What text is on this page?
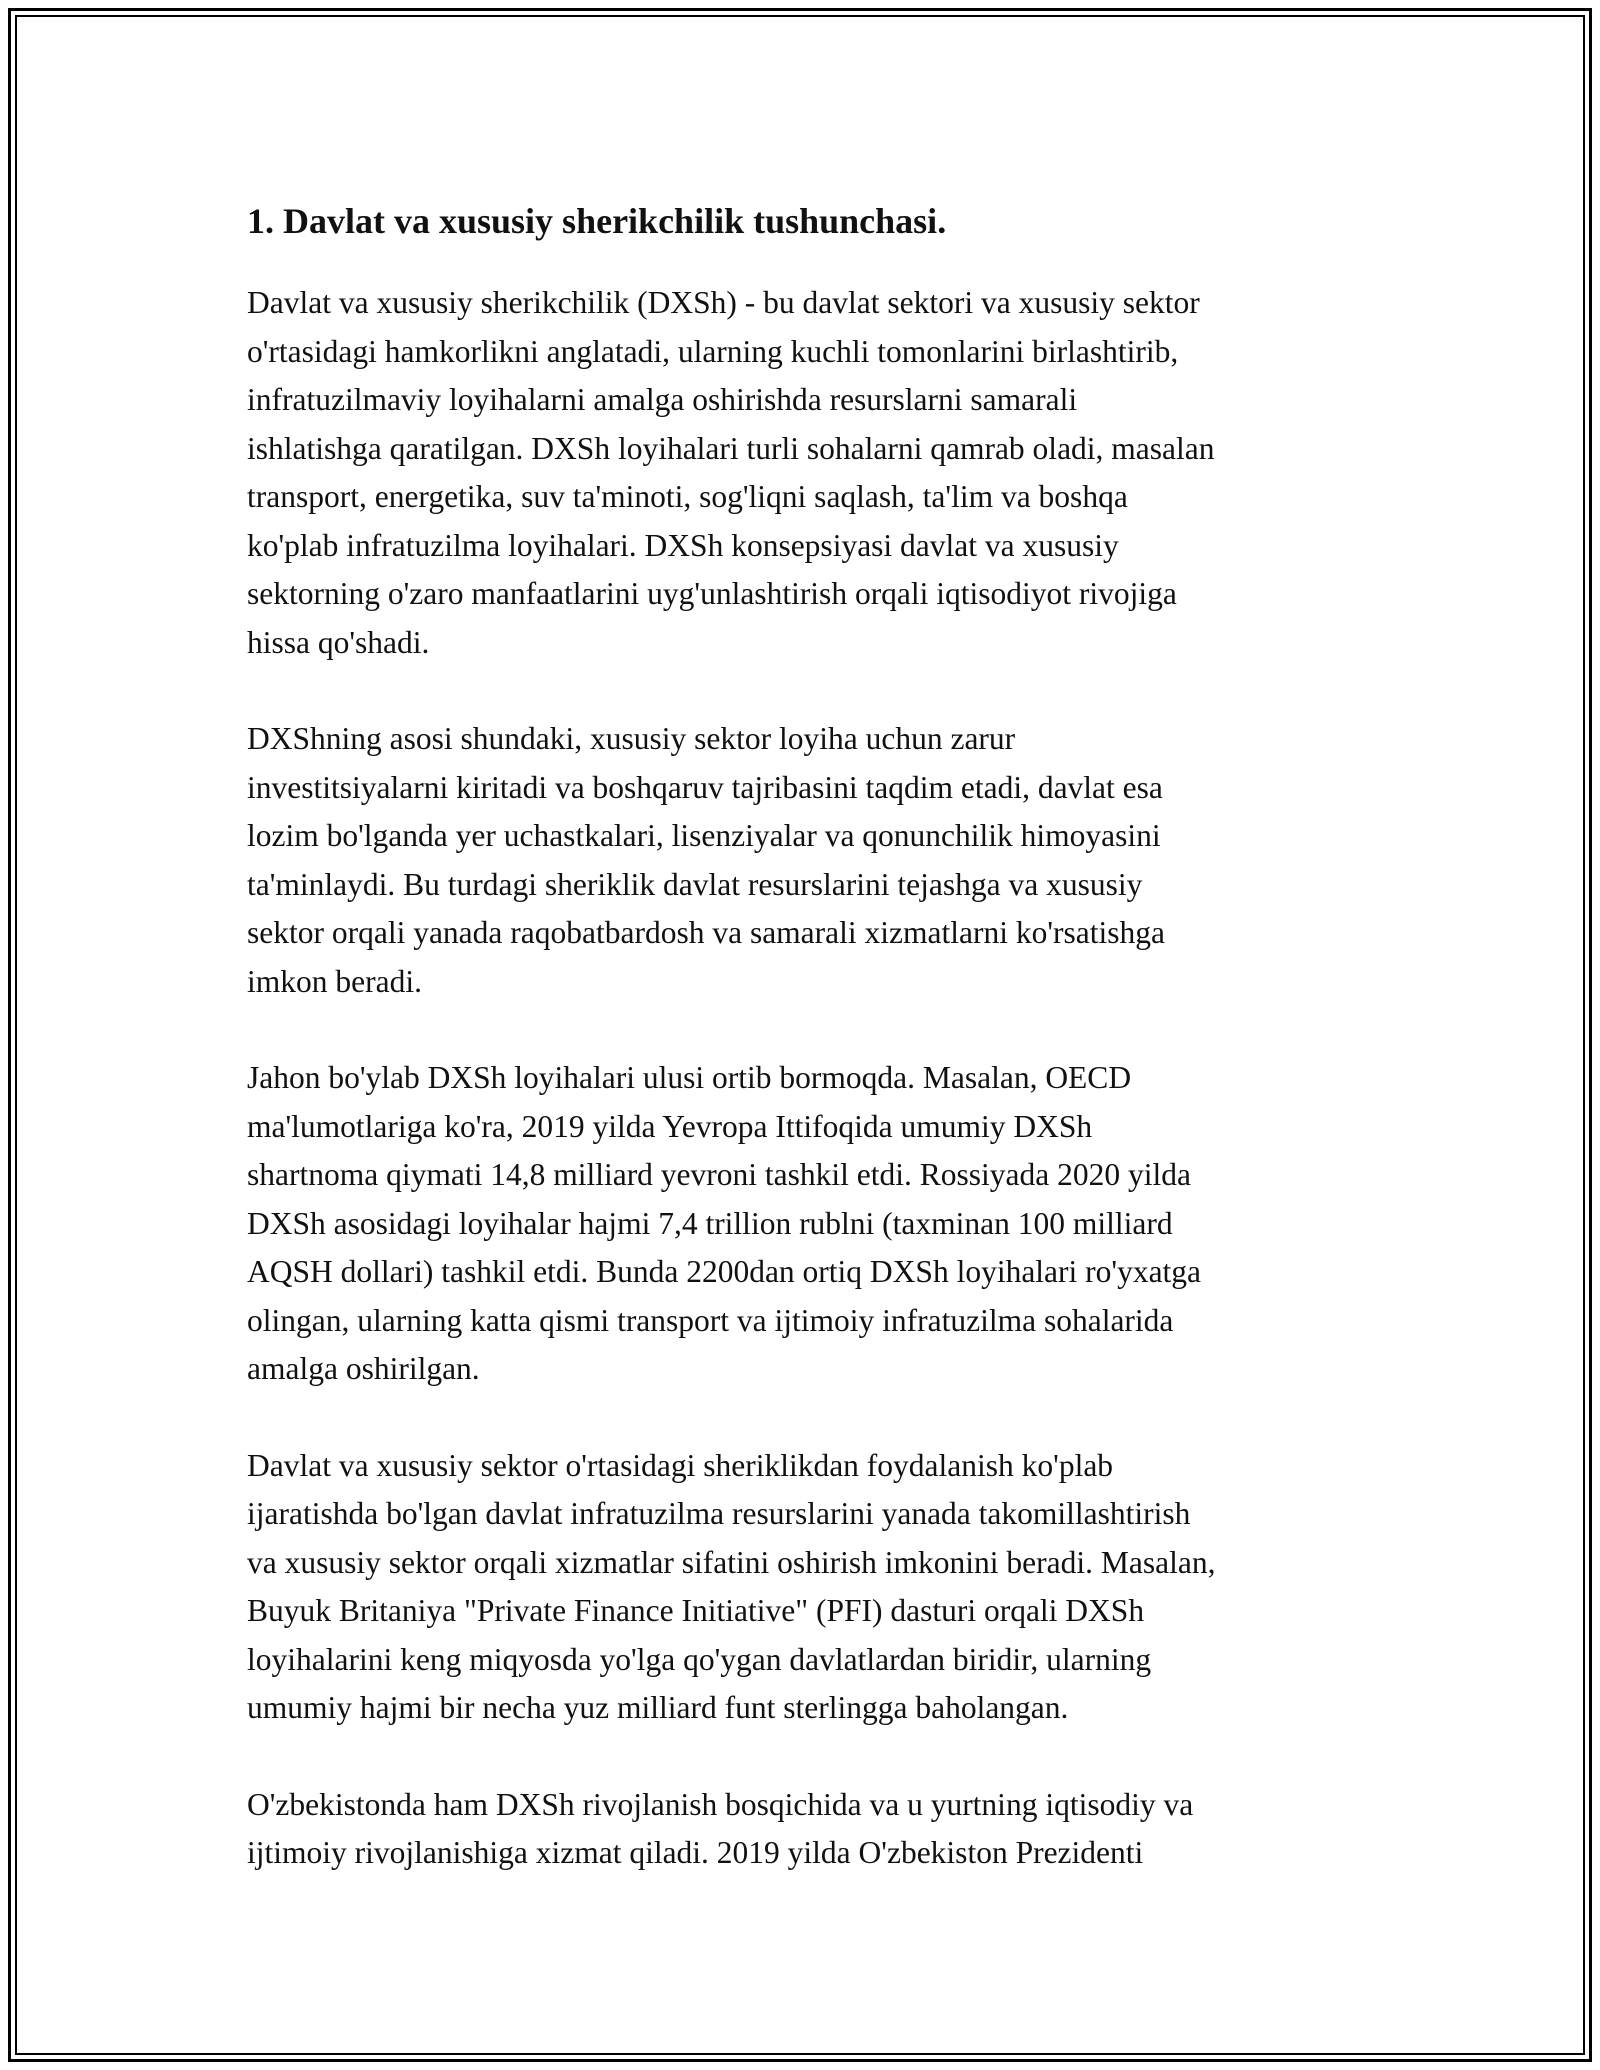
1. Davlat va xususiy sherikchilik tushunchasi.

Davlat va xususiy sherikchilik (DXSh) - bu davlat sektori va xususiy sektor
o'rtasidagi hamkorlikni anglatadi, ularning kuchli tomonlarini birlashtirib,
infratuzilmaviy loyihalarni amalga oshirishda resurslarni samarali
ishlatishga qaratilgan. DXSh loyihalari turli sohalarni qamrab oladi, masalan
transport, energetika, suv ta'minoti, sog'liqni saqlash, ta'lim va boshqa
ko'plab infratuzilma loyihalari. DXSh konsepsiyasi davlat va xususiy
sektorning o'zaro manfaatlarini uyg'unlashtirish orqali iqtisodiyot rivojiga
hissa qo'shadi.

DXShning asosi shundaki, xususiy sektor loyiha uchun zarur
investitsiyalarni kiritadi va boshqaruv tajribasini taqdim etadi, davlat esa
lozim bo'lganda yer uchastkalari, lisenziyalar va qonunchilik himoyasini
ta'minlaydi. Bu turdagi sheriklik davlat resurslarini tejashga va xususiy
sektor orqali yanada raqobatbardosh va samarali xizmatlarni ko'rsatishga
imkon beradi.

Jahon bo'ylab DXSh loyihalari ulusi ortib bormoqda. Masalan, OECD
ma'lumotlariga ko'ra, 2019 yilda Yevropa Ittifoqida umumiy DXSh
shartnoma qiymati 14,8 milliard yevroni tashkil etdi. Rossiyada 2020 yilda
DXSh asosidagi loyihalar hajmi 7,4 trillion rublni (taxminan 100 milliard
AQSH dollari) tashkil etdi. Bunda 2200dan ortiq DXSh loyihalari ro'yxatga
olingan, ularning katta qismi transport va ijtimoiy infratuzilma sohalarida
amalga oshirilgan.

Davlat va xususiy sektor o'rtasidagi sheriklikdan foydalanish ko'plab
ijaratishda bo'lgan davlat infratuzilma resurslarini yanada takomillashtirish
va xususiy sektor orqali xizmatlar sifatini oshirish imkonini beradi. Masalan,
Buyuk Britaniya "Private Finance Initiative" (PFI) dasturi orqali DXSh
loyihalarini keng miqyosda yo'lga qo'ygan davlatlardan biridir, ularning
umumiy hajmi bir necha yuz milliard funt sterlingga baholangan.

O'zbekistonda ham DXSh rivojlanish bosqichida va u yurtning iqtisodiy va
ijtimoiy rivojlanishiga xizmat qiladi. 2019 yilda O'zbekiston Prezidenti
